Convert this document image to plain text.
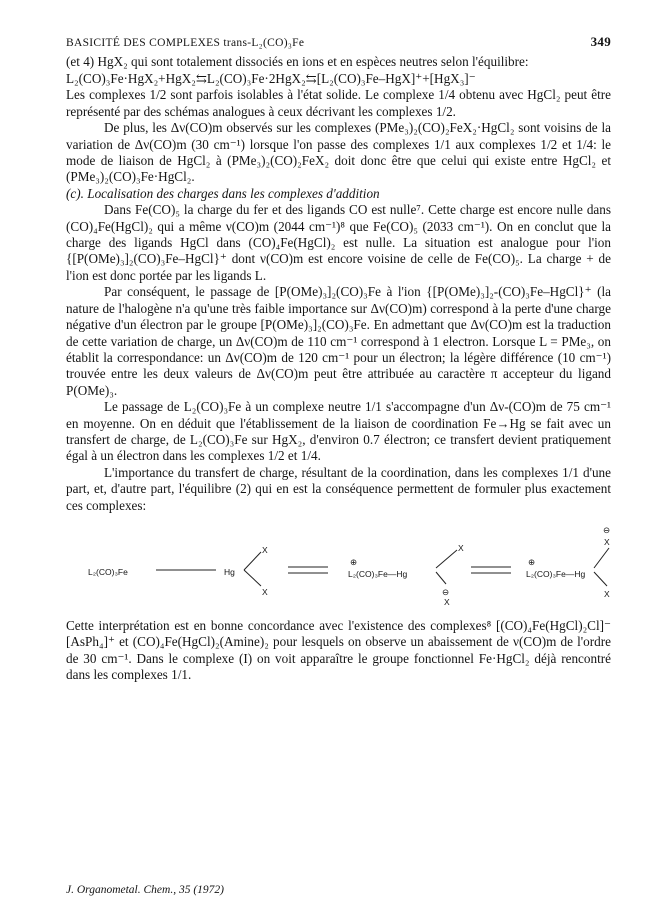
BASICITÉ DES COMPLEXES trans-L₂(CO)₃Fe	349

(et 4) HgX₂ qui sont totalement dissociés en ions et en espèces neutres selon l'équilibre:

L₂(CO)₃Fe·HgX₂+HgX₂⇆L₂(CO)₃Fe·2HgX₂⇆[L₂(CO)₃Fe–HgX]⁺+[HgX₃]⁻

Les complexes 1/2 sont parfois isolables à l'état solide. Le complexe 1/4 obtenu avec HgCl₂ peut être représenté par des schémas analogues à ceux décrivant les complexes 1/2.

De plus, les Δν(CO)m observés sur les complexes (PMe₃)₂(CO)₂FeX₂·HgCl₂ sont voisins de la variation de Δν(CO)m (30 cm⁻¹) lorsque l'on passe des complexes 1/1 aux complexes 1/2 et 1/4: le mode de liaison de HgCl₂ à (PMe₃)₂(CO)₂FeX₂ doit donc être que celui qui existe entre HgCl₂ et (PMe₃)₂(CO)₃Fe·HgCl₂.

(c). Localisation des charges dans les complexes d'addition

Dans Fe(CO)₅ la charge du fer et des ligands CO est nulle⁷. Cette charge est encore nulle dans (CO)₄Fe(HgCl)₂ qui a même ν(CO)m (2044 cm⁻¹)⁸ que Fe(CO)₅ (2033 cm⁻¹). On en conclut que la charge des ligands HgCl dans (CO)₄Fe(HgCl)₂ est nulle. La situation est analogue pour l'ion {[P(OMe)₃]₂(CO)₃Fe–HgCl}⁺ dont ν(CO)m est encore voisine de celle de Fe(CO)₅. La charge + de l'ion est donc portée par les ligands L.

Par conséquent, le passage de [P(OMe)₃]₂(CO)₃Fe à l'ion {[P(OMe)₃]₂-(CO)₃Fe–HgCl}⁺ (la nature de l'halogène n'a qu'une très faible importance sur Δν(CO)m) correspond à la perte d'une charge négative d'un électron par le groupe [P(OMe)₃]₂(CO)₃Fe. En admettant que Δν(CO)m est la traduction de cette variation de charge, un Δν(CO)m de 110 cm⁻¹ correspond à 1 electron. Lorsque L = PMe₃, on établit la correspondance: un Δν(CO)m de 120 cm⁻¹ pour un électron; la légère différence (10 cm⁻¹) trouvée entre les deux valeurs de Δν(CO)m peut être attribuée au caractère π accepteur du ligand P(OMe)₃.

Le passage de L₂(CO)₃Fe à un complexe neutre 1/1 s'accompagne d'un Δν-(CO)m de 75 cm⁻¹ en moyenne. On en déduit que l'établissement de la liaison de coordination Fe→Hg se fait avec un transfert de charge, de L₂(CO)₃Fe sur HgX₂, d'environ 0.7 électron; ce transfert devient pratiquement égal à un électron dans les complexes 1/2 et 1/4.

L'importance du transfert de charge, résultant de la coordination, dans les complexes 1/1 d'une part, et, d'autre part, l'équilibre (2) qui en est la conséquence permettent de formuler plus exactement ces complexes:

L₂(CO)₃Fe	Hg
X
X
⊕
L₂(CO)₃Fe—Hg
X
⊖
X
⊕
L₂(CO)₃Fe—Hg
⊖
X
X

Cette interprétation est en bonne concordance avec l'existence des complexes⁸ [(CO)₄Fe(HgCl)₂Cl]⁻ [AsPh₄]⁺ et (CO)₄Fe(HgCl)₂(Amine)₂ pour lesquels on observe un abaissement de ν(CO)m de l'ordre de 30 cm⁻¹. Dans le complexe (I) on voit apparaître le groupe fonctionnel Fe·HgCl₂ déjà rencontré dans les complexes 1/1.

J. Organometal. Chem., 35 (1972)
